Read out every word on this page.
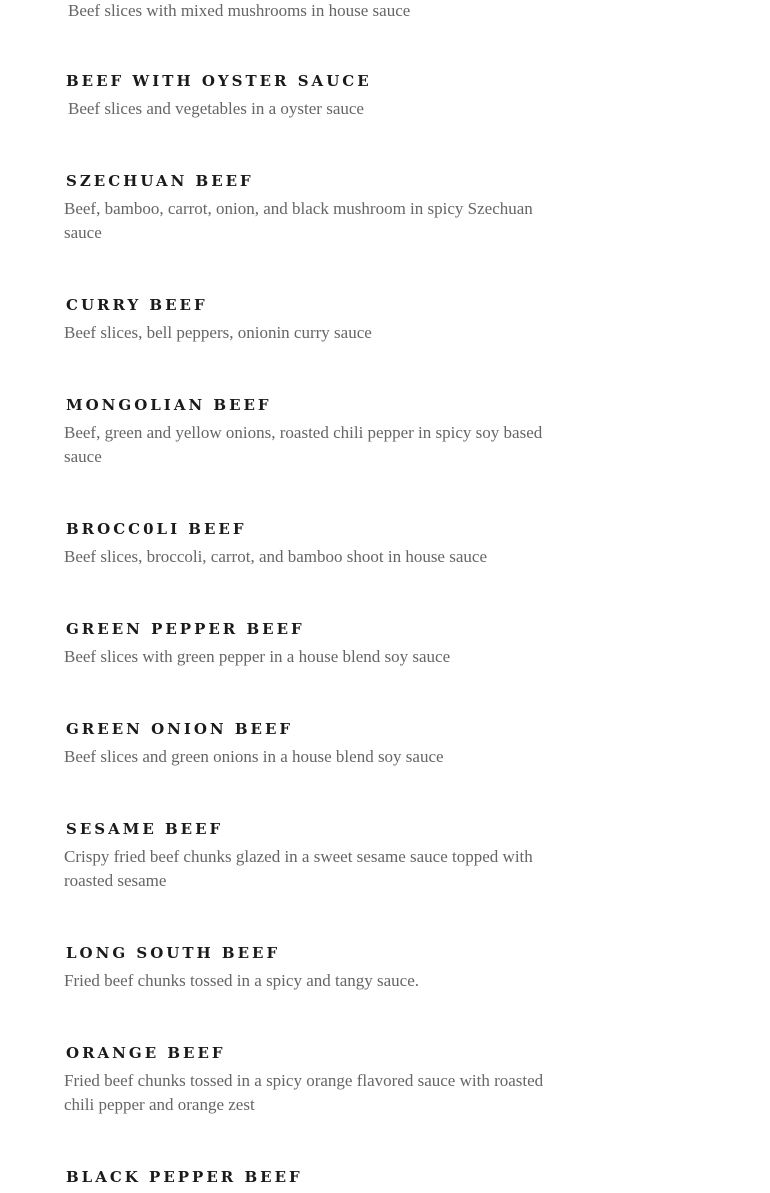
Beef slices with mixed mushrooms in house sauce

BEEF WITH OYSTER SAUCE

Beef slices and vegetables in a oyster sauce

SZECHUAN BEEF

Beef, bamboo, carrot, onion, and black mushroom in spicy Szechuan sauce

CURRY BEEF

Beef slices, bell peppers, onionin curry sauce

MONGOLIAN BEEF

Beef, green and yellow onions, roasted chili pepper in spicy soy based sauce

BROCC0LI BEEF

Beef slices, broccoli, carrot, and bamboo shoot in house sauce

GREEN PEPPER BEEF

Beef slices with green pepper in a house blend soy sauce

GREEN ONION BEEF

Beef slices and green onions in a house blend soy sauce

SESAME BEEF

Crispy fried beef chunks glazed in a sweet sesame sauce topped with roasted sesame

LONG SOUTH BEEF

Fried beef chunks tossed in a spicy and tangy sauce.

ORANGE BEEF

Fried beef chunks tossed in a spicy orange flavored sauce with roasted chili pepper and orange zest

BLACK PEPPER BEEF
